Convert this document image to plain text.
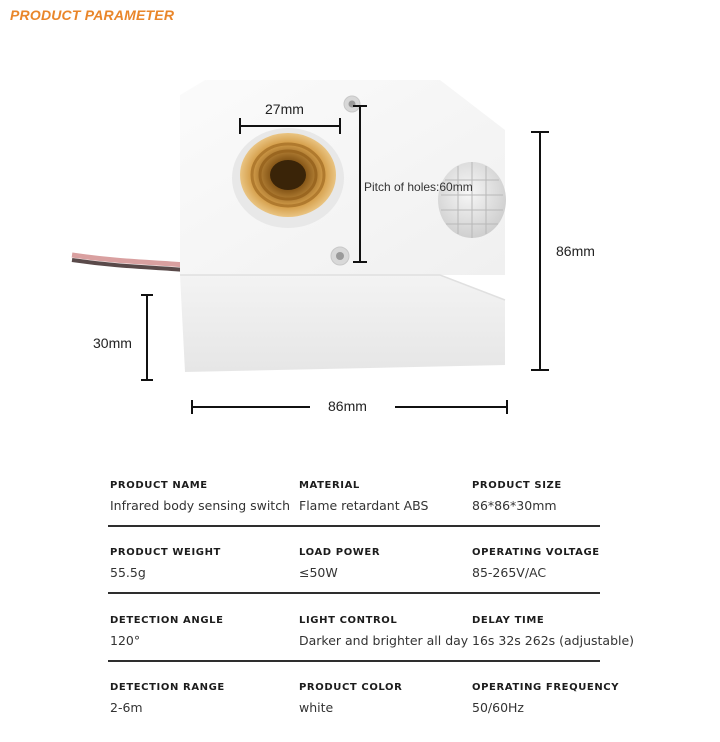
PRODUCT PARAMETER
27mm
Pitch of holes:60mm
86mm
30mm
86mm
PRODUCT NAME
Infrared body sensing switch
MATERIAL
Flame retardant ABS
PRODUCT SIZE
86*86*30mm
PRODUCT WEIGHT
55.5g
LOAD POWER
≤50W
OPERATING VOLTAGE
85-265V/AC
DETECTION ANGLE
120°
LIGHT CONTROL
Darker and brighter all day
DELAY TIME
16s 32s 262s (adjustable)
DETECTION RANGE
2-6m
PRODUCT COLOR
white
OPERATING FREQUENCY
50/60Hz
